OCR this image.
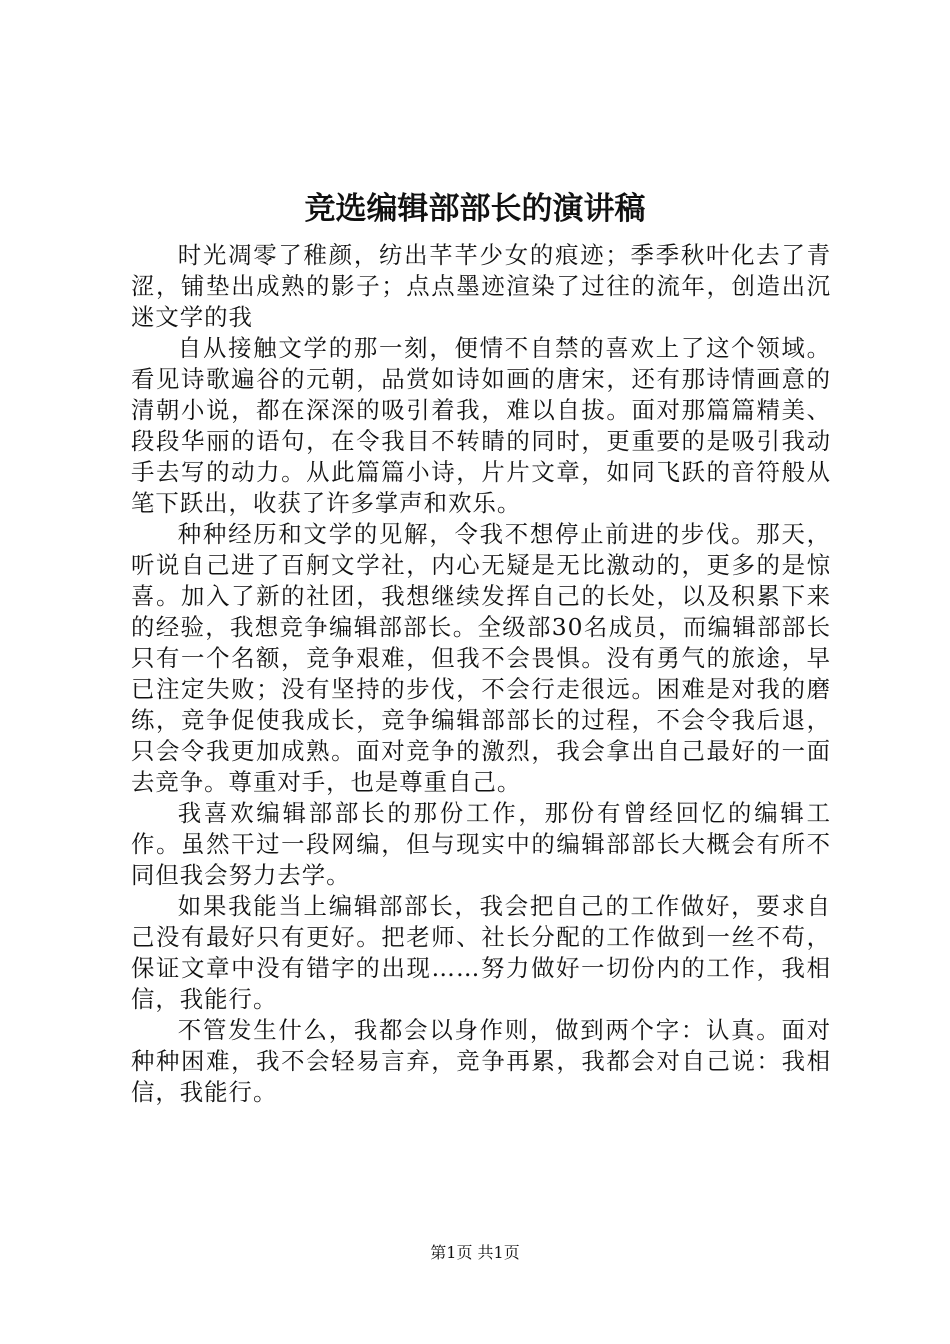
竞选编辑部部长的演讲稿

时光凋零了稚颜，纺出芊芊少女的痕迹；季季秋叶化去了青涩，铺垫出成熟的影子；点点墨迹渲染了过往的流年，创造出沉迷文学的我

自从接触文学的那一刻，便情不自禁的喜欢上了这个领域。看见诗歌遍谷的元朝，品赏如诗如画的唐宋，还有那诗情画意的清朝小说，都在深深的吸引着我，难以自拔。面对那篇篇精美、段段华丽的语句，在令我目不转睛的同时，更重要的是吸引我动手去写的动力。从此篇篇小诗，片片文章，如同飞跃的音符般从笔下跃出，收获了许多掌声和欢乐。

种种经历和文学的见解，令我不想停止前进的步伐。那天，听说自己进了百舸文学社，内心无疑是无比激动的，更多的是惊喜。加入了新的社团，我想继续发挥自己的长处，以及积累下来的经验，我想竞争编辑部部长。全级部30名成员，而编辑部部长只有一个名额，竞争艰难，但我不会畏惧。没有勇气的旅途，早已注定失败；没有坚持的步伐，不会行走很远。困难是对我的磨练，竞争促使我成长，竞争编辑部部长的过程，不会令我后退，只会令我更加成熟。面对竞争的激烈，我会拿出自己最好的一面去竞争。尊重对手，也是尊重自己。

我喜欢编辑部部长的那份工作，那份有曾经回忆的编辑工作。虽然干过一段网编，但与现实中的编辑部部长大概会有所不同但我会努力去学。

如果我能当上编辑部部长，我会把自己的工作做好，要求自己没有最好只有更好。把老师、社长分配的工作做到一丝不苟，保证文章中没有错字的出现……努力做好一切份内的工作，我相信，我能行。

不管发生什么，我都会以身作则，做到两个字：认真。面对种种困难，我不会轻易言弃，竞争再累，我都会对自己说：我相信，我能行。

第1页 共1页
